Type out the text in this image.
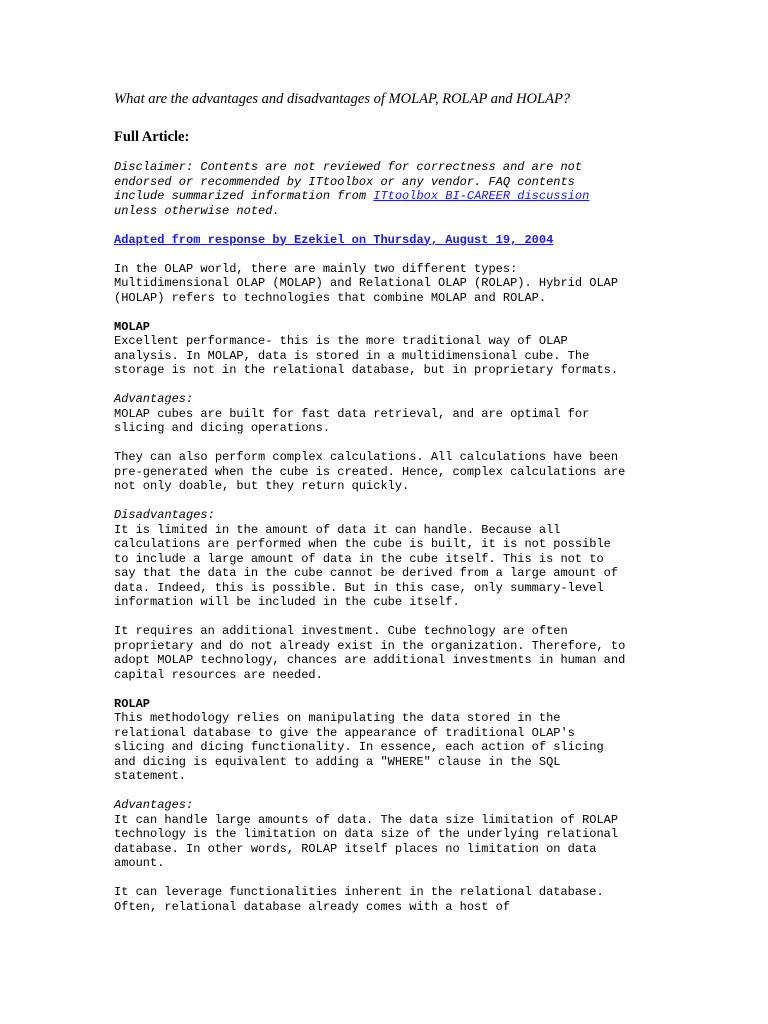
What are the advantages and disadvantages of MOLAP, ROLAP and HOLAP?
Full Article:
Disclaimer: Contents are not reviewed for correctness and are not
endorsed or recommended by ITtoolbox or any vendor. FAQ contents
include summarized information from ITtoolbox BI-CAREER discussion
unless otherwise noted.
Adapted from response by Ezekiel on Thursday, August 19, 2004
In the OLAP world, there are mainly two different types:
Multidimensional OLAP (MOLAP) and Relational OLAP (ROLAP). Hybrid OLAP
(HOLAP) refers to technologies that combine MOLAP and ROLAP.
MOLAP
Excellent performance- this is the more traditional way of OLAP
analysis. In MOLAP, data is stored in a multidimensional cube. The
storage is not in the relational database, but in proprietary formats.
Advantages:
MOLAP cubes are built for fast data retrieval, and are optimal for
slicing and dicing operations.
They can also perform complex calculations. All calculations have been
pre-generated when the cube is created. Hence, complex calculations are
not only doable, but they return quickly.
Disadvantages:
It is limited in the amount of data it can handle. Because all
calculations are performed when the cube is built, it is not possible
to include a large amount of data in the cube itself. This is not to
say that the data in the cube cannot be derived from a large amount of
data. Indeed, this is possible. But in this case, only summary-level
information will be included in the cube itself.
It requires an additional investment. Cube technology are often
proprietary and do not already exist in the organization. Therefore, to
adopt MOLAP technology, chances are additional investments in human and
capital resources are needed.
ROLAP
This methodology relies on manipulating the data stored in the
relational database to give the appearance of traditional OLAP's
slicing and dicing functionality. In essence, each action of slicing
and dicing is equivalent to adding a "WHERE" clause in the SQL
statement.
Advantages:
It can handle large amounts of data. The data size limitation of ROLAP
technology is the limitation on data size of the underlying relational
database. In other words, ROLAP itself places no limitation on data
amount.
It can leverage functionalities inherent in the relational database.
Often, relational database already comes with a host of
